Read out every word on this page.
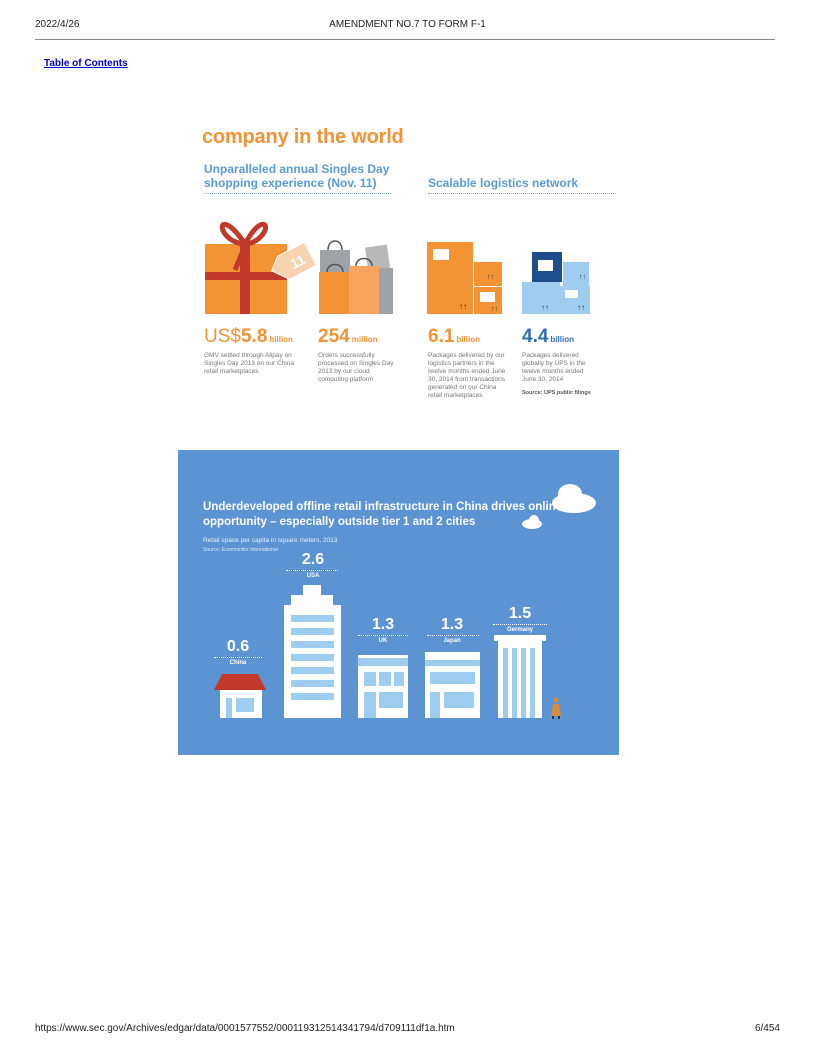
2022/4/26	AMENDMENT NO.7 TO FORM F-1
Table of Contents
company in the world
Unparalleled annual Singles Day
shopping experience (Nov. 11)	Scalable logistics network
11
↑↑
↑↑
↑↑	↑↑	↑↑
↑↑
US$5.8 billion
GMV settled through Alipay on Singles Day 2013 on our China retail marketplaces
254 million
Orders successfully processed on Singles Day 2013 by our cloud computing platform
6.1 billion
Packages delivered by our logistics partners in the twelve months ended June 30, 2014 from transactions generated on our China retail marketplaces
4.4 billion
Packages delivered globally by UPS in the twelve months ended June 30, 2014
Source: UPS public filings
Underdeveloped offline retail infrastructure in China drives online opportunity – especially outside tier 1 and 2 cities
Retail space per capita in square meters, 2013
Source: Euromonitor International
0.6
China
2.6
USA
1.3
UK
1.3
Japan
1.5
Germany
https://www.sec.gov/Archives/edgar/data/0001577552/000119312514341794/d709111df1a.htm	6/454
